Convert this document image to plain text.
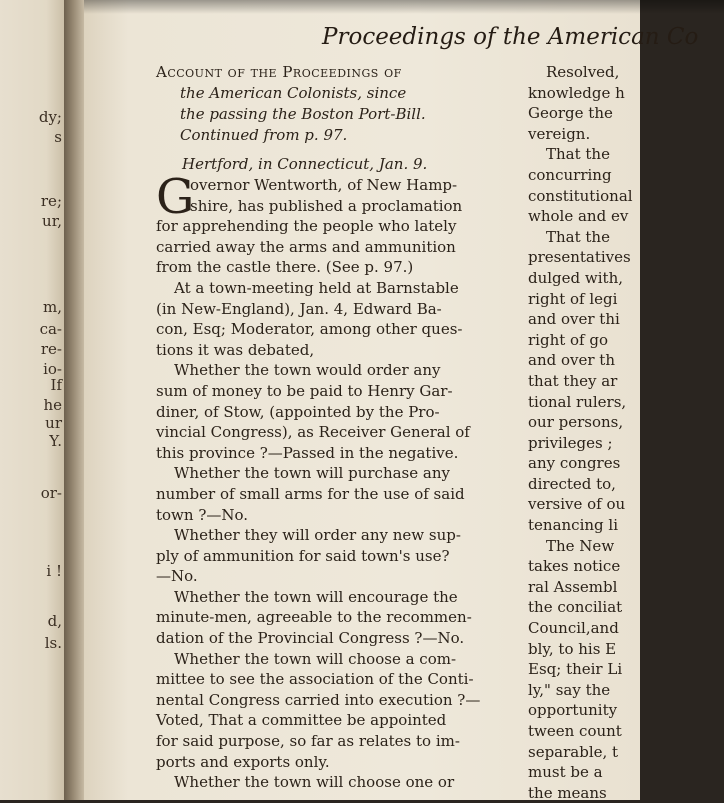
dy;
s
re;
ur,
m,
ca-
re-
io-
If
he
ur
Y.
or-
i !
d,
ls.
Proceedings of the American Co
Account of the Proceedings of
the American Colonists, since
the passing the Boston Port-Bill.
Continued from p. 97.
Hertford, in Connecticut, Jan. 9.
G
overnor Wentworth, of New Hamp-
shire, has published a proclamation
for apprehending the people who lately
carried away the arms and ammunition
from the castle there. (See p. 97.)
At a town-meeting held at Barnstable
(in New-England), Jan. 4, Edward Ba-
con, Esq; Moderator, among other ques-
tions it was debated,
Whether the town would order any
sum of money to be paid to Henry Gar-
diner, of Stow, (appointed by the Pro-
vincial Congress), as Receiver General of
this province ?—Passed in the negative.
Whether the town will purchase any
number of small arms for the use of said
town ?—No.
Whether they will order any new sup-
ply of ammunition for said town's use?
—No.
Whether the town will encourage the
minute-men, agreeable to the recommen-
dation of the Provincial Congress ?—No.
Whether the town will choose a com-
mittee to see the association of the Conti-
nental Congress carried into execution ?—
Voted, That a committee be appointed
for said purpose, so far as relates to im-
ports and exports only.
Whether the town will choose one or
Resolved,
knowledge h
George the
vereign.
That the
concurring
constitutional
whole and ev
That the
presentatives
dulged with,
right of legi
and over thi
right of go
and over th
that they ar
tional rulers,
our persons,
privileges ;
any congres
directed to,
versive of ou
tenancing li
The New
takes notice
ral Assembl
the conciliat
Council,and
bly, to his E
Esq; their Li
ly," say the
opportunity
tween count
separable, t
must be a
the means
